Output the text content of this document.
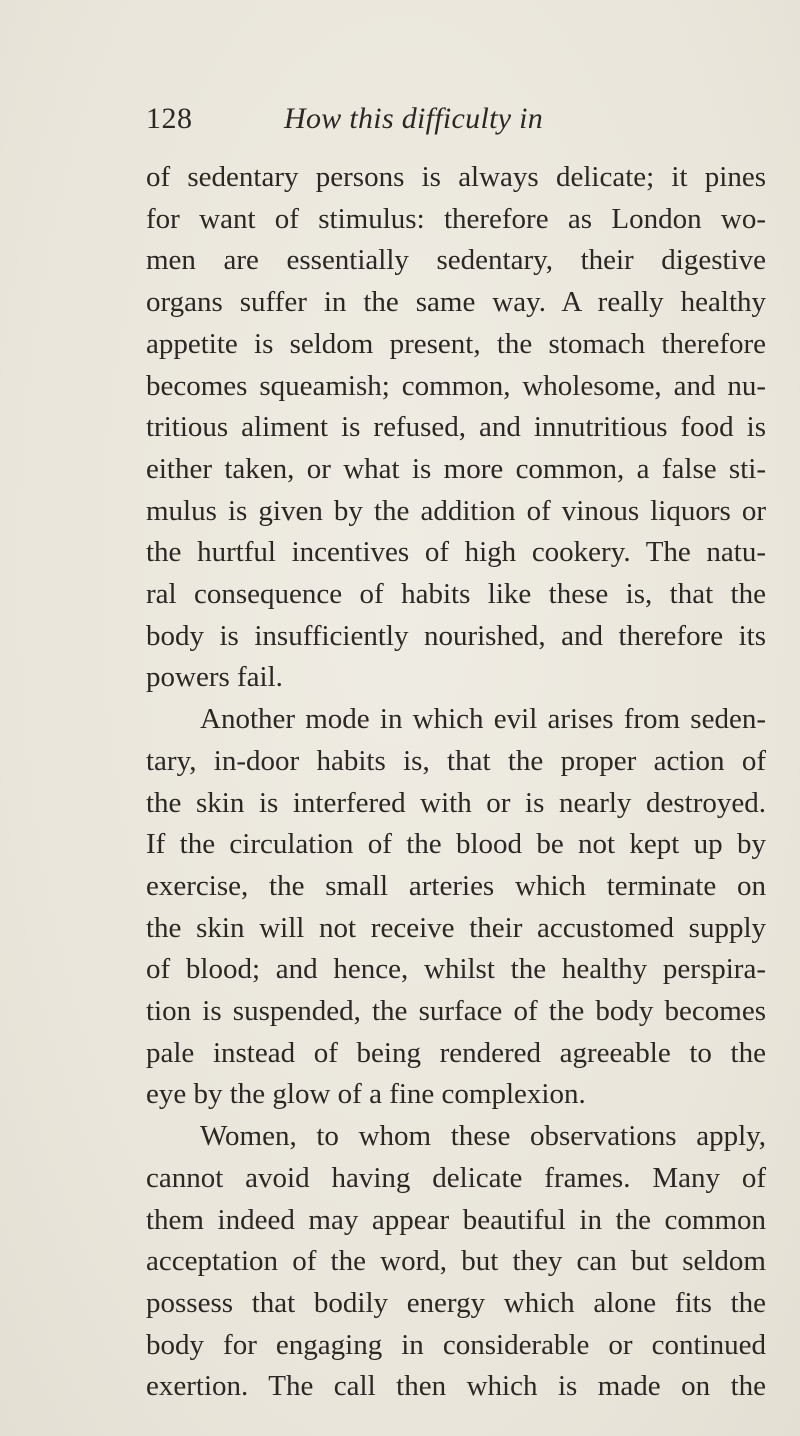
128	How this difficulty in

of sedentary persons is always delicate; it pines

for want of stimulus: therefore as London wo-

men are essentially sedentary, their digestive

organs suffer in the same way. A really healthy

appetite is seldom present, the stomach therefore

becomes squeamish; common, wholesome, and nu-

tritious aliment is refused, and innutritious food is

either taken, or what is more common, a false sti-

mulus is given by the addition of vinous liquors or

the hurtful incentives of high cookery. The natu-

ral consequence of habits like these is, that the

body is insufficiently nourished, and therefore its

powers fail.

Another mode in which evil arises from seden-

tary, in-door habits is, that the proper action of

the skin is interfered with or is nearly destroyed.

If the circulation of the blood be not kept up by

exercise, the small arteries which terminate on

the skin will not receive their accustomed supply

of blood; and hence, whilst the healthy perspira-

tion is suspended, the surface of the body becomes

pale instead of being rendered agreeable to the

eye by the glow of a fine complexion.

Women, to whom these observations apply,

cannot avoid having delicate frames. Many of

them indeed may appear beautiful in the common

acceptation of the word, but they can but seldom

possess that bodily energy which alone fits the

body for engaging in considerable or continued

exertion. The call then which is made on the
